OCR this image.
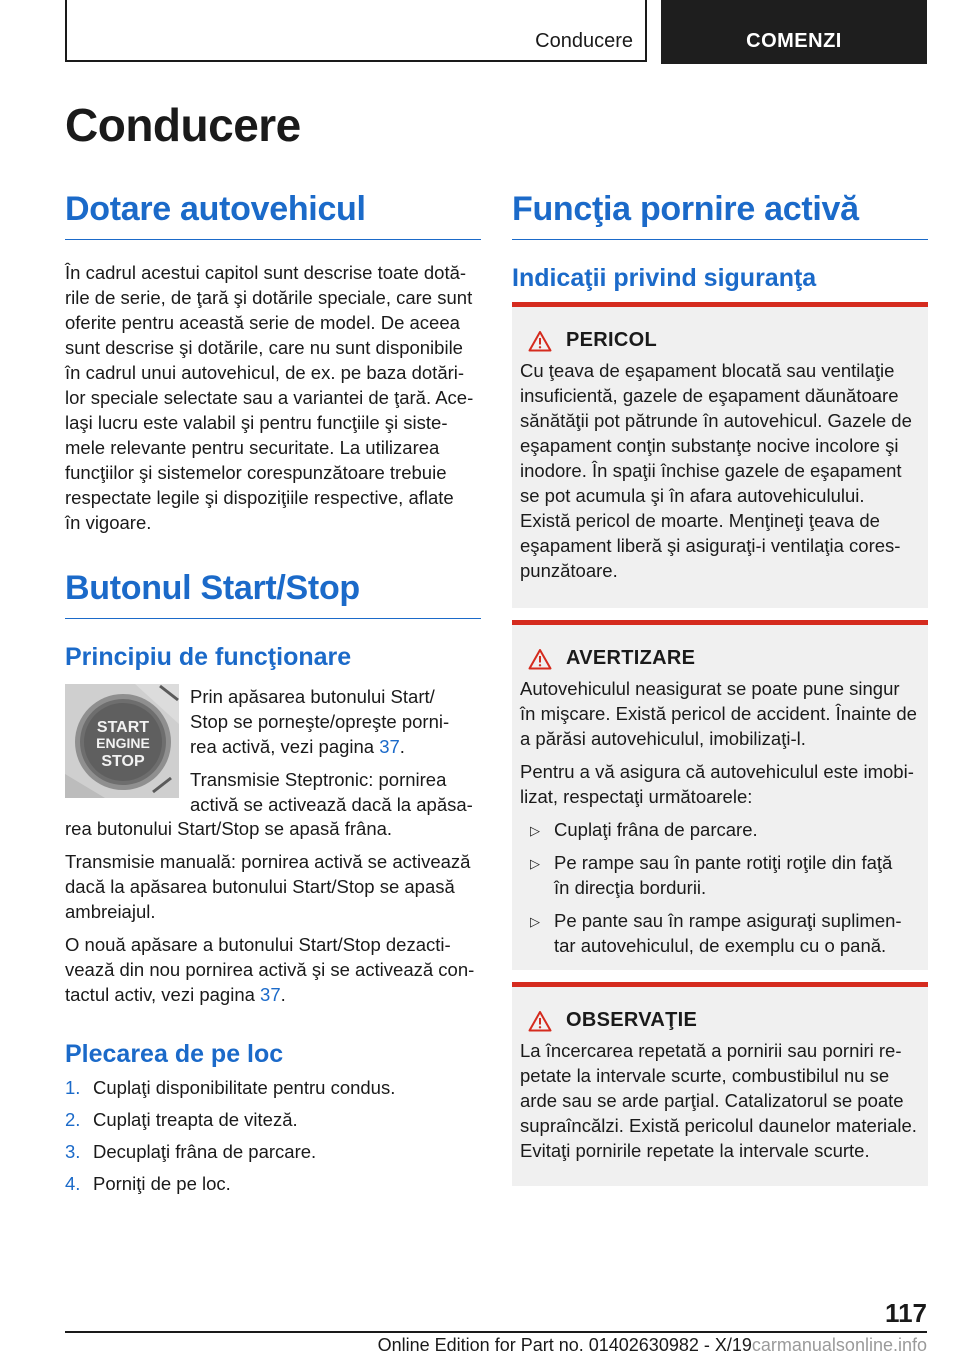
Conducere	COMENZI
Conducere
Dotare autovehicul

În cadrul acestui capitol sunt descrise toate dotă-

rile de serie, de ţară şi dotările speciale, care sunt

oferite pentru această serie de model. De aceea

sunt descrise şi dotările, care nu sunt disponibile

în cadrul unui autovehicul, de ex. pe baza dotări-

lor speciale selectate sau a variantei de ţară. Ace-

laşi lucru este valabil şi pentru funcţiile şi siste-

mele relevante pentru securitate. La utilizarea

funcţiilor şi sistemelor corespunzătoare trebuie

respectate legile şi dispoziţiile respective, aflate

în vigoare.

Butonul Start/Stop
Principiu de funcţionare
START
ENGINE
STOP

Prin apăsarea butonului Start/

Stop se porneşte/opreşte porni-

rea activă, vezi pagina 37.

Transmisie Steptronic: pornirea

activă se activează dacă la apăsa-

rea butonului Start/Stop se apasă frâna.

Transmisie manuală: pornirea activă se activează

dacă la apăsarea butonului Start/Stop se apasă

ambreiajul.

O nouă apăsare a butonului Start/Stop dezacti-

vează din nou pornirea activă şi se activează con-

tactul activ, vezi pagina 37.

Plecarea de pe loc
1. Cuplaţi disponibilitate pentru condus.
2. Cuplaţi treapta de viteză.
3. Decuplaţi frâna de parcare.
4. Porniţi de pe loc.
Funcţia pornire activă
Indicaţii privind siguranţa
PERICOL

Cu ţeava de eşapament blocată sau ventilaţie

insuficientă, gazele de eşapament dăunătoare

sănătăţii pot pătrunde în autovehicul. Gazele de

eşapament conţin substanţe nocive incolore şi

inodore. În spaţii închise gazele de eşapament

se pot acumula şi în afara autovehiculului.

Există pericol de moarte. Menţineţi ţeava de

eşapament liberă şi asiguraţi-i ventilaţia cores-

punzătoare.

AVERTIZARE

Autovehiculul neasigurat se poate pune singur

în mişcare. Există pericol de accident. Înainte de

a părăsi autovehiculul, imobilizaţi-l.

Pentru a vă asigura că autovehiculul este imobi-

lizat, respectaţi următoarele:

▷ Cuplaţi frâna de parcare.
▷ Pe rampe sau în pante rotiţi roţile din faţă
în direcţia bordurii.
▷ Pe pante sau în rampe asiguraţi suplimen-
tar autovehiculul, de exemplu cu o pană.
OBSERVAŢIE

La încercarea repetată a pornirii sau porniri re-

petate la intervale scurte, combustibilul nu se

arde sau se arde parţial. Catalizatorul se poate

supraîncălzi. Există pericolul daunelor materiale.

Evitaţi pornirile repetate la intervale scurte.

117
Online Edition for Part no. 01402630982 - X/19carmanualsonline.info
